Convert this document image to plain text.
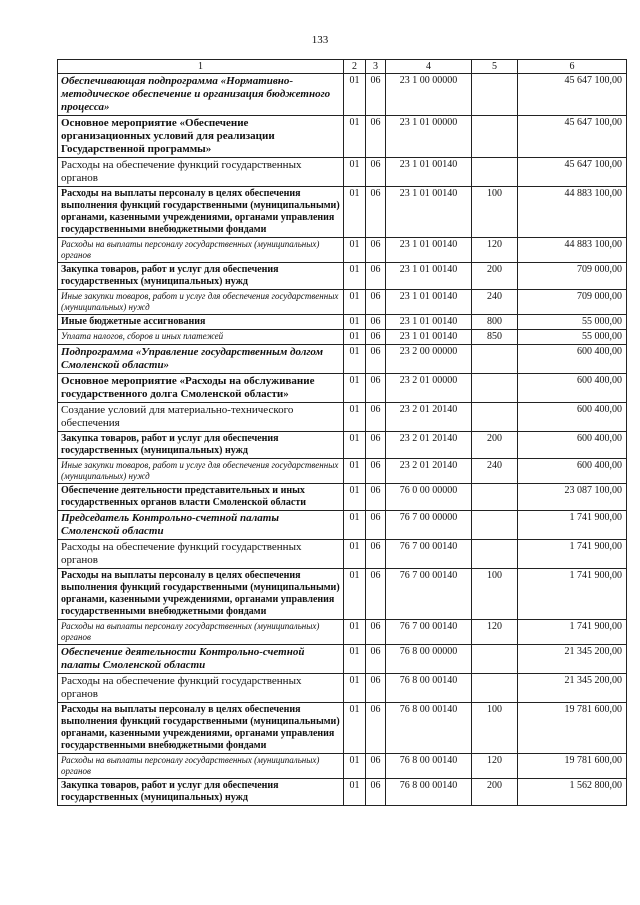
133
1	2	3	4	5	6
Обеспечивающая подпрограмма «Нормативно-методическое обеспечение и организация бюджетного процесса»	01	06	23 1 00 00000		45 647 100,00
Основное мероприятие «Обеспечение организационных условий для реализации Государственной программы»	01	06	23 1 01 00000		45 647 100,00
Расходы на обеспечение функций государственных органов	01	06	23 1 01 00140		45 647 100,00
Расходы на выплаты персоналу в целях обеспечения выполнения функций государственными (муниципальными) органами, казенными учреждениями, органами управления государственными внебюджетными фондами	01	06	23 1 01 00140	100	44 883 100,00
Расходы на выплаты персоналу государственных (муниципальных) органов	01	06	23 1 01 00140	120	44 883 100,00
Закупка товаров, работ и услуг для обеспечения государственных (муниципальных) нужд	01	06	23 1 01 00140	200	709 000,00
Иные закупки товаров, работ и услуг для обеспечения государственных (муниципальных) нужд	01	06	23 1 01 00140	240	709 000,00
Иные бюджетные ассигнования	01	06	23 1 01 00140	800	55 000,00
Уплата налогов, сборов и иных платежей	01	06	23 1 01 00140	850	55 000,00
Подпрограмма «Управление государственным долгом Смоленской области»	01	06	23 2 00 00000		600 400,00
Основное мероприятие «Расходы на обслуживание государственного долга Смоленской области»	01	06	23 2 01 00000		600 400,00
Создание условий для материально-технического обеспечения	01	06	23 2 01 20140		600 400,00
Закупка товаров, работ и услуг для обеспечения государственных (муниципальных) нужд	01	06	23 2 01 20140	200	600 400,00
Иные закупки товаров, работ и услуг для обеспечения государственных (муниципальных) нужд	01	06	23 2 01 20140	240	600 400,00
Обеспечение деятельности представительных и иных государственных органов власти Смоленской области	01	06	76 0 00 00000		23 087 100,00
Председатель Контрольно-счетной палаты Смоленской области	01	06	76 7 00 00000		1 741 900,00
Расходы на обеспечение функций государственных органов	01	06	76 7 00 00140		1 741 900,00
Расходы на выплаты персоналу в целях обеспечения выполнения функций государственными (муниципальными) органами, казенными учреждениями, органами управления государственными внебюджетными фондами	01	06	76 7 00 00140	100	1 741 900,00
Расходы на выплаты персоналу государственных (муниципальных) органов	01	06	76 7 00 00140	120	1 741 900,00
Обеспечение деятельности Контрольно-счетной палаты Смоленской области	01	06	76 8 00 00000		21 345 200,00
Расходы на обеспечение функций государственных органов	01	06	76 8 00 00140		21 345 200,00
Расходы на выплаты персоналу в целях обеспечения выполнения функций государственными (муниципальными) органами, казенными учреждениями, органами управления государственными внебюджетными фондами	01	06	76 8 00 00140	100	19 781 600,00
Расходы на выплаты персоналу государственных (муниципальных) органов	01	06	76 8 00 00140	120	19 781 600,00
Закупка товаров, работ и услуг для обеспечения государственных (муниципальных) нужд	01	06	76 8 00 00140	200	1 562 800,00
